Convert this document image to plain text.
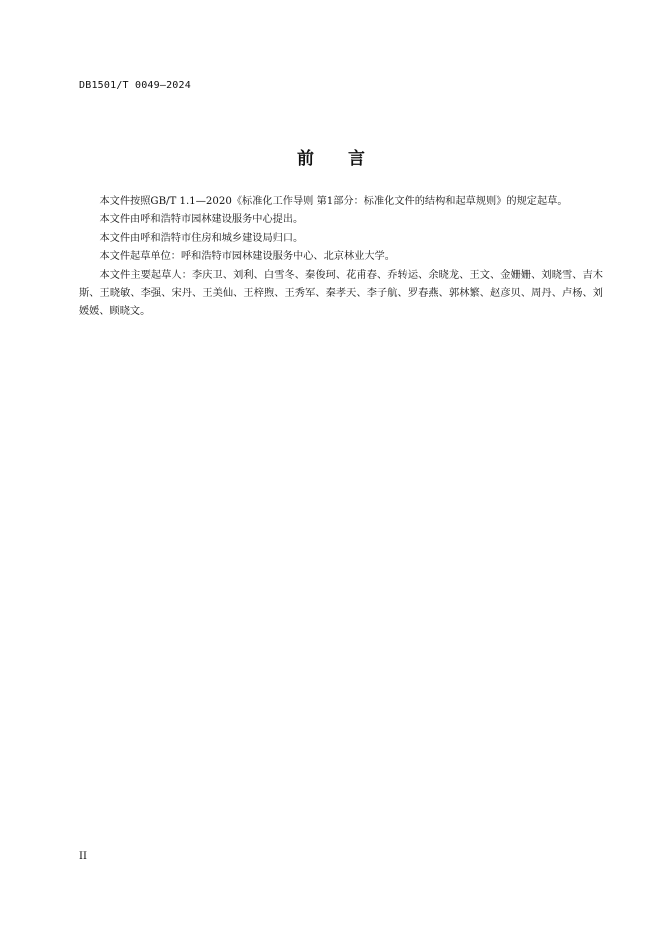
DB1501/T 0049—2024
前 言

本文件按照GB/T 1.1—2020《标准化工作导则 第1部分：标准化文件的结构和起草规则》的规定起草。

本文件由呼和浩特市园林建设服务中心提出。

本文件由呼和浩特市住房和城乡建设局归口。

本文件起草单位：呼和浩特市园林建设服务中心、北京林业大学。

本文件主要起草人：李庆卫、刘利、白雪冬、秦俊珂、花甫春、乔转运、余晓龙、王文、金姗姗、刘晓雪、吉木斯、王晓敏、李强、宋丹、王美仙、王梓煦、王秀军、秦孝天、李子航、罗春燕、郭林繁、赵彦贝、周丹、卢杨、刘媛媛、顾晓文。

II
